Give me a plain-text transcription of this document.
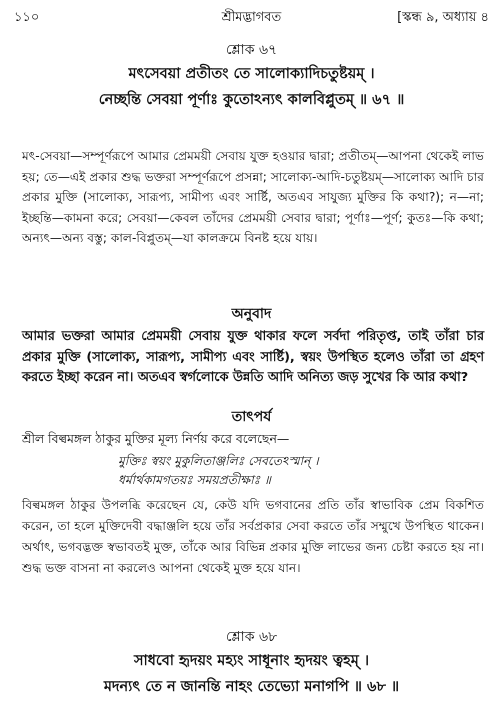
১১০	শ্রীমদ্ভাগবত	[স্কন্ধ ৯, অধ্যায় ৪
শ্লোক ৬৭
মৎসেবয়া প্রতীতং তে সালোক্যাদিচতুষ্টয়ম্ ।
নেচ্ছন্তি সেবয়া পূর্ণাঃ কুতোঽন্যৎ কালবিপ্লুতম্ ॥ ৬৭ ॥
মৎ-সেবয়া—সম্পূর্ণরূপে আমার প্রেমময়ী সেবায় যুক্ত হওয়ার দ্বারা; প্রতীতম্—আপনা থেকেই লাভ হয়; তে—এই প্রকার শুদ্ধ ভক্তরা সম্পূর্ণরূপে প্রসন্না; সালোক্য-আদি-চতুষ্টয়ম্—সালোক্য আদি চার প্রকার মুক্তি (সালোক্য, সারূপ্য, সামীপ্য এবং সার্ষ্টি, অতএব সাযুজ্য মুক্তির কি কথা?); ন—না; ইচ্ছন্তি—কামনা করে; সেবয়া—কেবল তাঁদের প্রেমময়ী সেবার দ্বারা; পূর্ণাঃ—পূর্ণ; কুতঃ—কি কথা; অন্যৎ—অন্য বস্তু; কাল-বিপ্লুতম্—যা কালক্রমে বিনষ্ট হয়ে যায়।
অনুবাদ
আমার ভক্তরা আমার প্রেমময়ী সেবায় যুক্ত থাকার ফলে সর্বদা পরিতৃপ্ত, তাই তাঁরা চার প্রকার মুক্তি (সালোক্য, সারূপ্য, সামীপ্য এবং সার্ষ্টি), স্বয়ং উপস্থিত হলেও তাঁরা তা গ্রহণ করতে ইচ্ছা করেন না। অতএব স্বর্গলোকে উন্নতি আদি অনিত্য জড় সুখের কি আর কথা?
তাৎপর্য
শ্রীল বিল্বমঙ্গল ঠাকুর মুক্তির মূল্য নির্ণয় করে বলেছেন—
মুক্তিঃ স্বয়ং মুকুলিতাঞ্জলিঃ সেবতেঽস্মান্ ।
ধর্মার্থকামগতয়ঃ সময়প্রতীক্ষাঃ ॥
বিল্বমঙ্গল ঠাকুর উপলব্ধি করেছেন যে, কেউ যদি ভগবানের প্রতি তাঁর স্বাভাবিক প্রেম বিকশিত করেন, তা হলে মুক্তিদেবী বদ্ধাঞ্জলি হয়ে তাঁর সর্বপ্রকার সেবা করতে তাঁর সম্মুখে উপস্থিত থাকেন। অর্থাৎ, ভগবদ্ভক্ত স্বভাবতই মুক্ত, তাঁকে আর বিভিন্ন প্রকার মুক্তি লাভের জন্য চেষ্টা করতে হয় না। শুদ্ধ ভক্ত বাসনা না করলেও আপনা থেকেই মুক্ত হয়ে যান।
শ্লোক ৬৮
সাধবো হৃদয়ং মহ্যং সাধূনাং হৃদয়ং ত্বহম্ ।
মদন্যৎ তে ন জানন্তি নাহং তেভ্যো মনাগপি ॥ ৬৮ ॥
